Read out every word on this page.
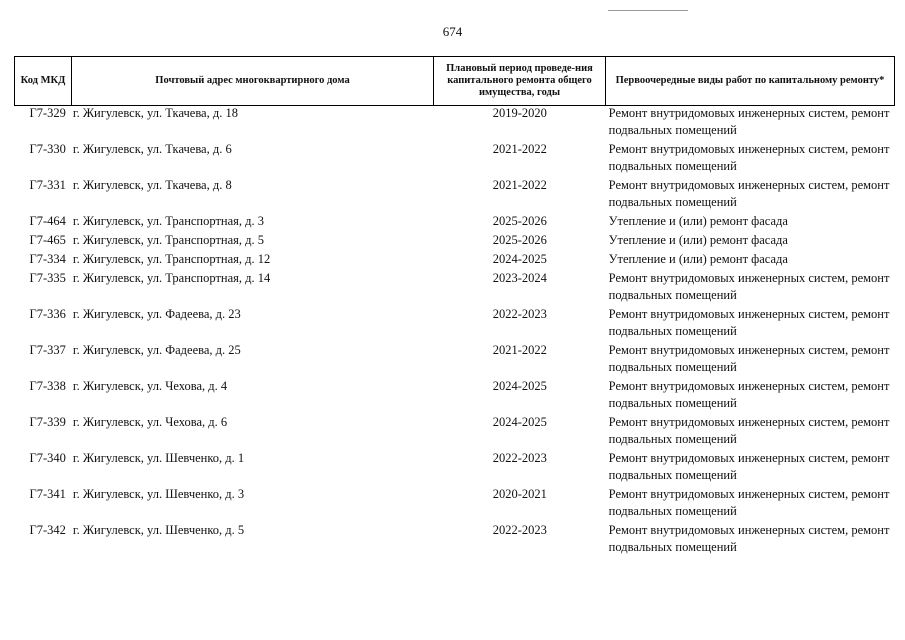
674
Код МКД	Почтовый адрес многоквартирного дома	Плановый период проведе-ния капитального ремонта общего имущества, годы	Первоочередные виды работ по капитальному ремонту*
Г7-329 г. Жигулевск, ул. Ткачева, д. 18	2019-2020	Ремонт внутридомовых инженерных систем, ремонт подвальных помещений
Г7-330 г. Жигулевск, ул. Ткачева, д. 6	2021-2022	Ремонт внутридомовых инженерных систем, ремонт подвальных помещений
Г7-331 г. Жигулевск, ул. Ткачева, д. 8	2021-2022	Ремонт внутридомовых инженерных систем, ремонт подвальных помещений
Г7-464 г. Жигулевск, ул. Транспортная, д. 3	2025-2026	Утепление и (или) ремонт фасада
Г7-465 г. Жигулевск, ул. Транспортная, д. 5	2025-2026	Утепление и (или) ремонт фасада
Г7-334 г. Жигулевск, ул. Транспортная, д. 12	2024-2025	Утепление и (или) ремонт фасада
Г7-335 г. Жигулевск, ул. Транспортная, д. 14	2023-2024	Ремонт внутридомовых инженерных систем, ремонт подвальных помещений
Г7-336 г. Жигулевск, ул. Фадеева, д. 23	2022-2023	Ремонт внутридомовых инженерных систем, ремонт подвальных помещений
Г7-337 г. Жигулевск, ул. Фадеева, д. 25	2021-2022	Ремонт внутридомовых инженерных систем, ремонт подвальных помещений
Г7-338 г. Жигулевск, ул. Чехова, д. 4	2024-2025	Ремонт внутридомовых инженерных систем, ремонт подвальных помещений
Г7-339 г. Жигулевск, ул. Чехова, д. 6	2024-2025	Ремонт внутридомовых инженерных систем, ремонт подвальных помещений
Г7-340 г. Жигулевск, ул. Шевченко, д. 1	2022-2023	Ремонт внутридомовых инженерных систем, ремонт подвальных помещений
Г7-341 г. Жигулевск, ул. Шевченко, д. 3	2020-2021	Ремонт внутридомовых инженерных систем, ремонт подвальных помещений
Г7-342 г. Жигулевск, ул. Шевченко, д. 5	2022-2023	Ремонт внутридомовых инженерных систем, ремонт подвальных помещений
